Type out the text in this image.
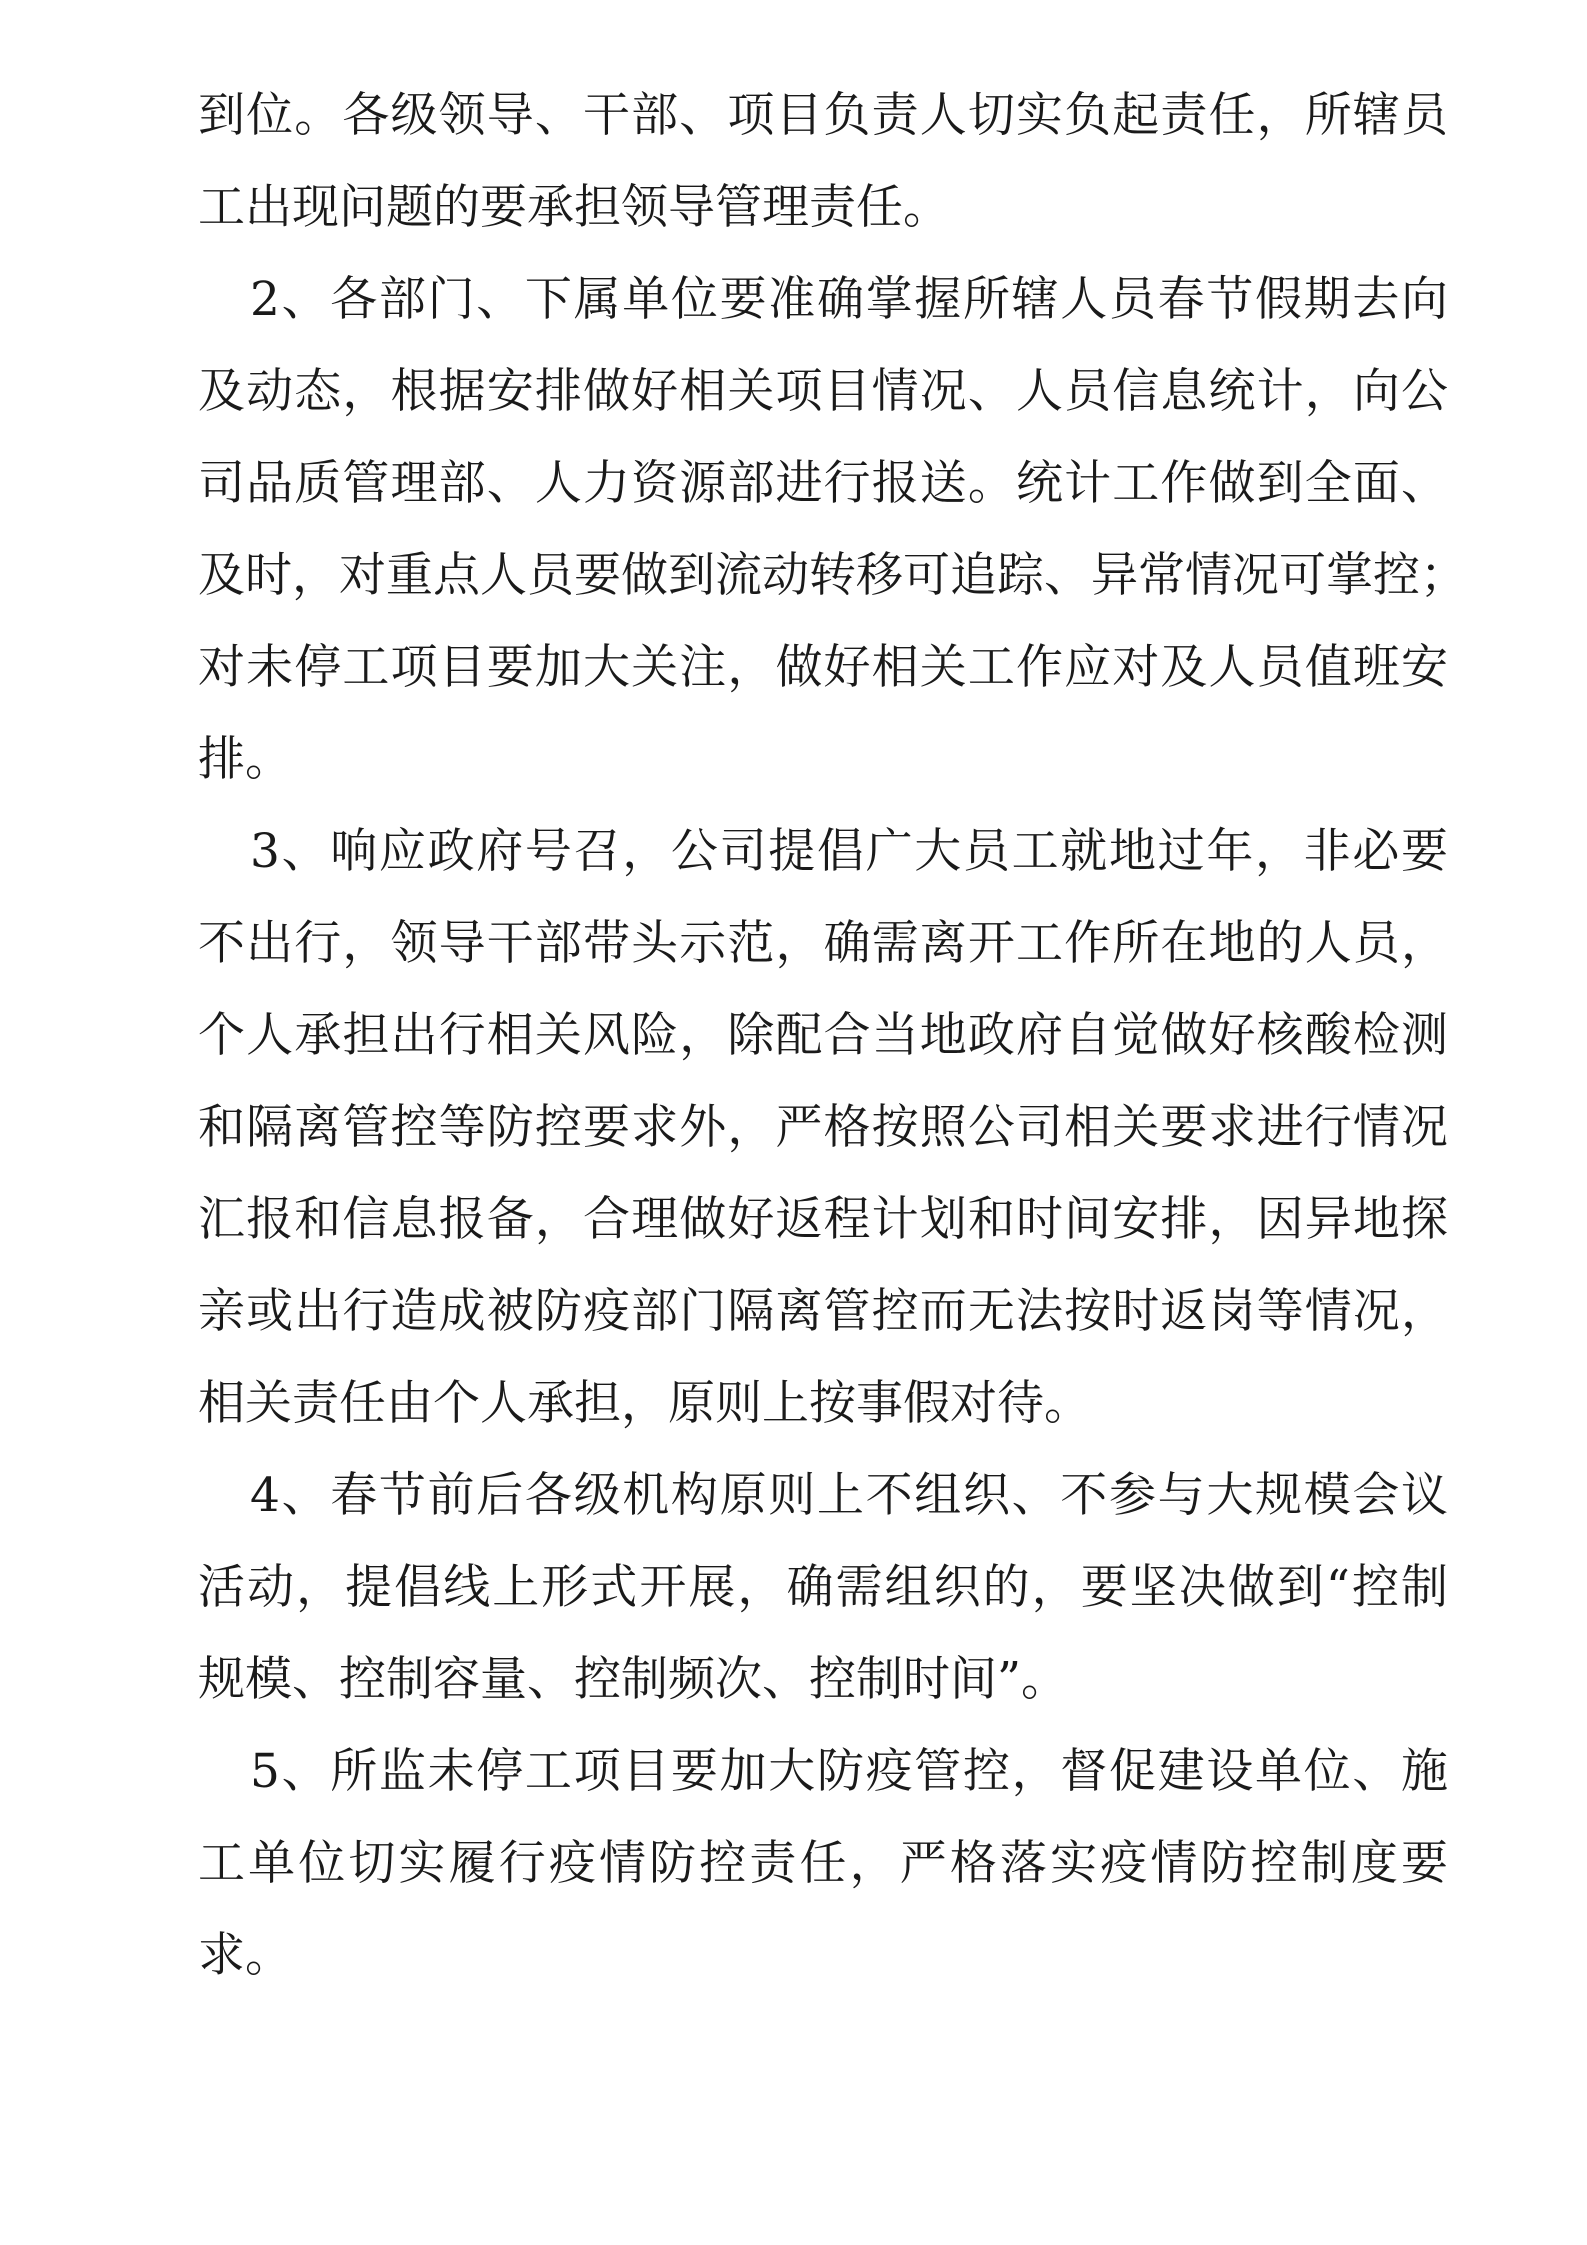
到位。各级领导、干部、项目负责人切实负起责任，所辖员
工出现问题的要承担领导管理责任。
2、各部门、下属单位要准确掌握所辖人员春节假期去向
及动态，根据安排做好相关项目情况、人员信息统计，向公
司品质管理部、人力资源部进行报送。统计工作做到全面、
及时，对重点人员要做到流动转移可追踪、异常情况可掌控；
对未停工项目要加大关注，做好相关工作应对及人员值班安
排。
3、响应政府号召，公司提倡广大员工就地过年，非必要
不出行，领导干部带头示范，确需离开工作所在地的人员，
个人承担出行相关风险，除配合当地政府自觉做好核酸检测
和隔离管控等防控要求外，严格按照公司相关要求进行情况
汇报和信息报备，合理做好返程计划和时间安排，因异地探
亲或出行造成被防疫部门隔离管控而无法按时返岗等情况，
相关责任由个人承担，原则上按事假对待。
4、春节前后各级机构原则上不组织、不参与大规模会议
活动，提倡线上形式开展，确需组织的，要坚决做到“控制
规模、控制容量、控制频次、控制时间”。
5、所监未停工项目要加大防疫管控，督促建设单位、施
工单位切实履行疫情防控责任，严格落实疫情防控制度要
求。
